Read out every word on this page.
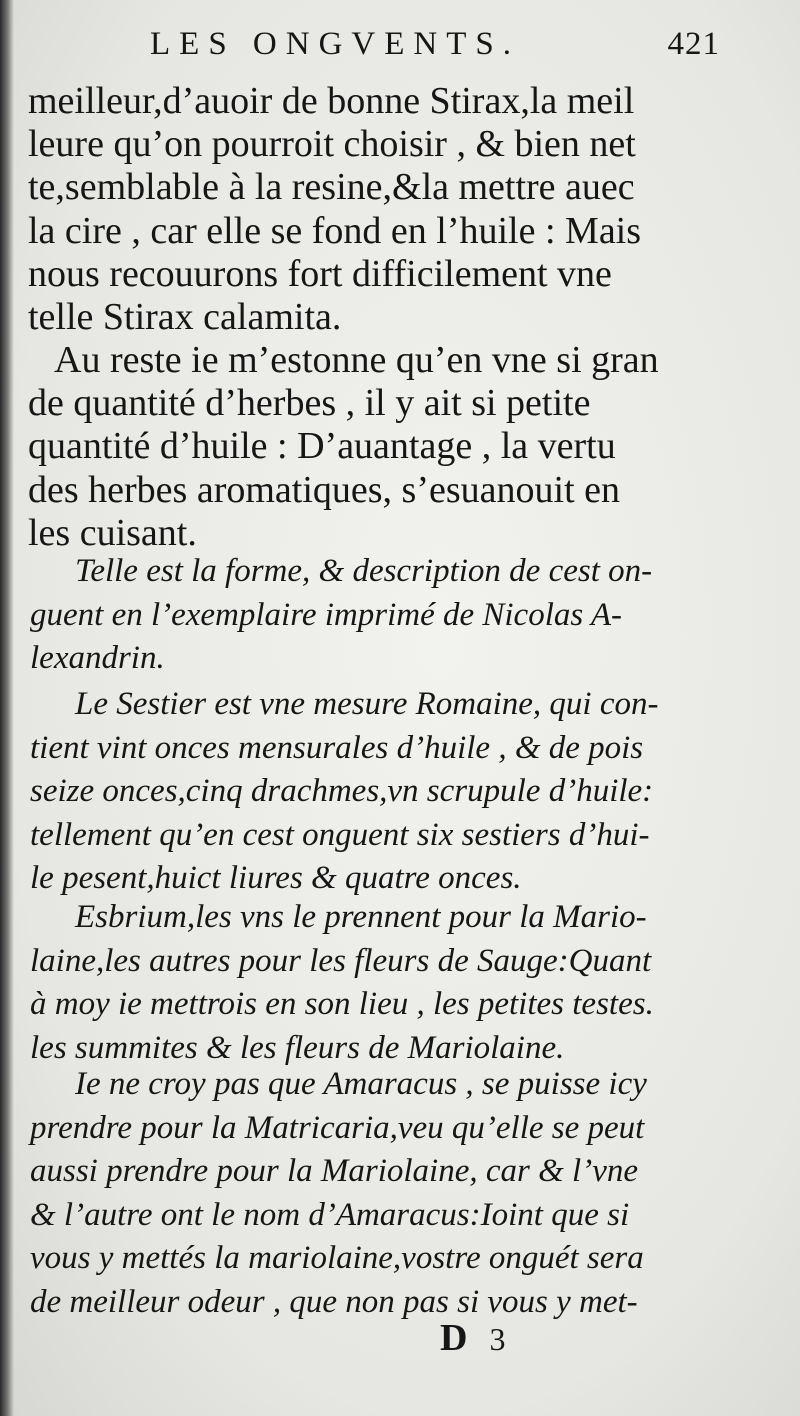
LES ONGVENTS.	421
meilleur,d’auoir de bonne Stirax,la meil
leure qu’on pourroit choisir , & bien net
te,semblable à la resine,&la mettre auec
la cire , car elle se fond en l’huile : Mais
nous recouurons fort difficilement vne
telle Stirax calamita.
Au reste ie m’estonne qu’en vne si gran
de quantité d’herbes , il y ait si petite
quantité d’huile : D’auantage , la vertu
des herbes aromatiques, s’esuanouit en
les cuisant.
Telle est la forme, & description de cest on-
guent en l’exemplaire imprimé de Nicolas A-
lexandrin.
Le Sestier est vne mesure Romaine, qui con-
tient vint onces mensurales d’huile , & de pois
seize onces,cinq drachmes,vn scrupule d’huile:
tellement qu’en cest onguent six sestiers d’hui-
le pesent,huict liures & quatre onces.
Esbrium,les vns le prennent pour la Mario-
laine,les autres pour les fleurs de Sauge:Quant
à moy ie mettrois en son lieu , les petites testes.
les summites & les fleurs de Mariolaine.
Ie ne croy pas que Amaracus , se puisse icy
prendre pour la Matricaria,veu qu’elle se peut
aussi prendre pour la Mariolaine, car & l’vne
& l’autre ont le nom d’Amaracus:Ioint que si
vous y mettés la mariolaine,vostre onguét sera
de meilleur odeur , que non pas si vous y met-
D 3
